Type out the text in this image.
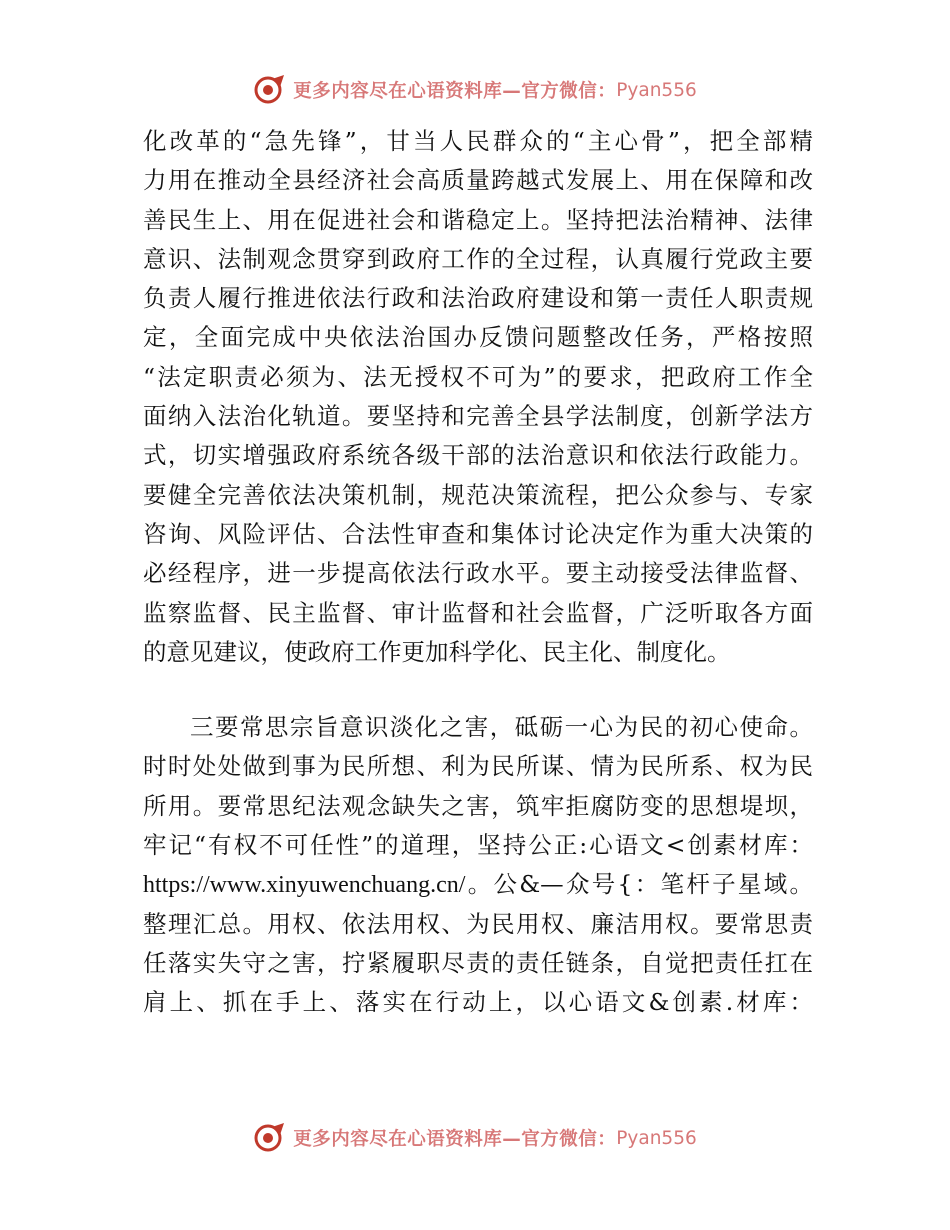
更多内容尽在心语资料库—官方微信： Pyan556
化改革的“急先锋”，甘当人民群众的“主心骨”，把全部精
力用在推动全县经济社会高质量跨越式发展上、用在保障和改
善民生上、用在促进社会和谐稳定上。坚持把法治精神、法律
意识、法制观念贯穿到政府工作的全过程，认真履行党政主要
负责人履行推进依法行政和法治政府建设和第一责任人职责规
定，全面完成中央依法治国办反馈问题整改任务，严格按照
“法定职责必须为、法无授权不可为”的要求，把政府工作全
面纳入法治化轨道。要坚持和完善全县学法制度，创新学法方
式，切实增强政府系统各级干部的法治意识和依法行政能力。
要健全完善依法决策机制，规范决策流程，把公众参与、专家
咨询、风险评估、合法性审查和集体讨论决定作为重大决策的
必经程序，进一步提高依法行政水平。要主动接受法律监督、
监察监督、民主监督、审计监督和社会监督，广泛听取各方面
的意见建议，使政府工作更加科学化、民主化、制度化。
三要常思宗旨意识淡化之害，砥砺一心为民的初心使命。
时时处处做到事为民所想、利为民所谋、情为民所系、权为民
所用。要常思纪法观念缺失之害，筑牢拒腐防变的思想堤坝，
牢记“有权不可任性”的道理，坚持公正:心语文<创素材库：
https://www.xinyuwenchuang.cn/。公&—众号{：笔杆子星域。
整理汇总。用权、依法用权、为民用权、廉洁用权。要常思责
任落实失守之害，拧紧履职尽责的责任链条，自觉把责任扛在
肩上、抓在手上、落实在行动上，以心语文&创素.材库：
更多内容尽在心语资料库—官方微信： Pyan556
